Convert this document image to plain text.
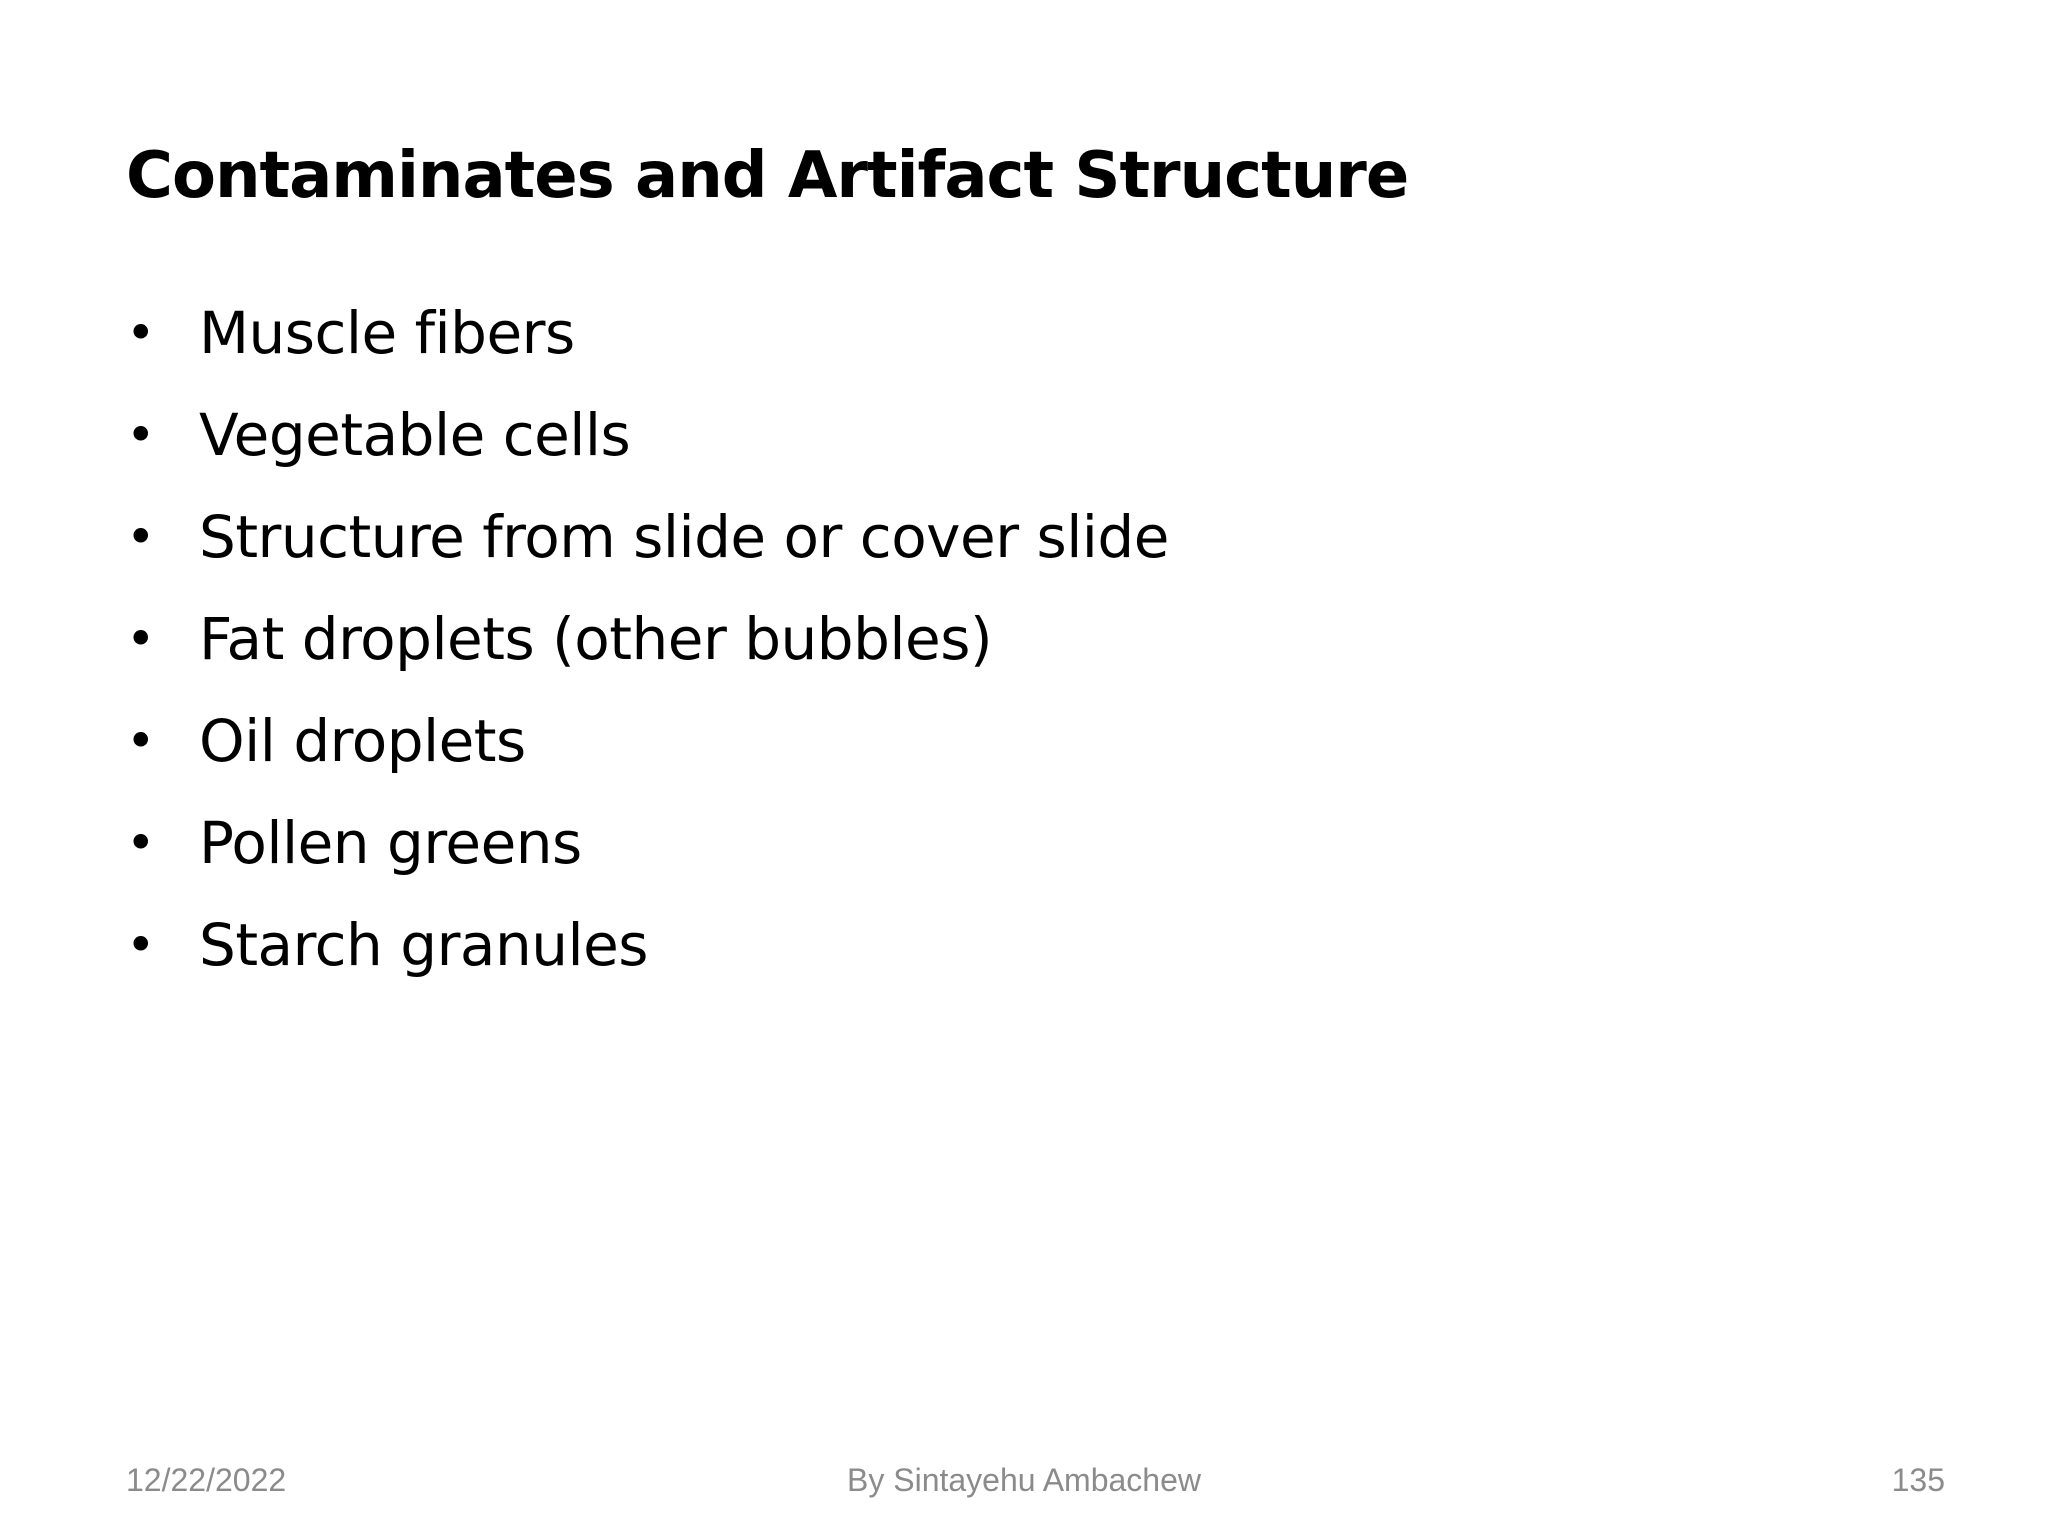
Contaminates and Artifact Structure
• Muscle fibers
• Vegetable cells
• Structure from slide or cover slide
• Fat droplets (other bubbles)
• Oil droplets
• Pollen greens
• Starch granules
12/22/2022	By Sintayehu Ambachew	135
